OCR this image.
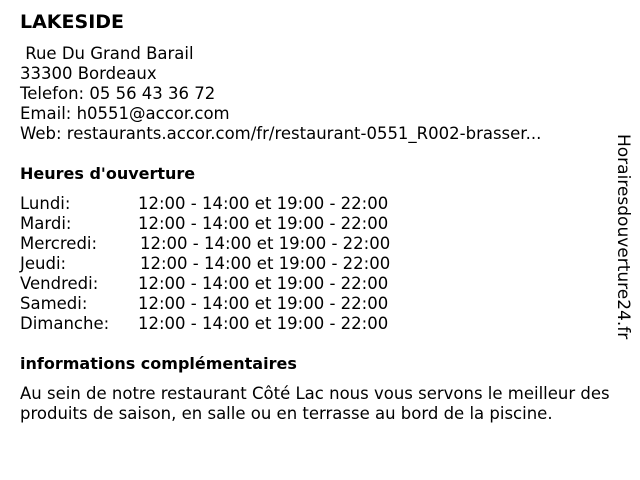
LAKESIDE
Rue Du Grand Barail
33300 Bordeaux
Telefon: 05 56 43 36 72
Email: h0551@accor.com
Web: restaurants.accor.com/fr/restaurant-0551_R002-brasser...
Heures d'ouverture
Lundi:	12:00 - 14:00 et 19:00 - 22:00
Mardi:	12:00 - 14:00 et 19:00 - 22:00
Mercredi:	12:00 - 14:00 et 19:00 - 22:00
Jeudi:	12:00 - 14:00 et 19:00 - 22:00
Vendredi: 12:00 - 14:00 et 19:00 - 22:00
Samedi:	12:00 - 14:00 et 19:00 - 22:00
Dimanche: 12:00 - 14:00 et 19:00 - 22:00
informations complémentaires

Au sein de notre restaurant Côté Lac nous vous servons le meilleur des produits de saison, en salle ou en terrasse au bord de la piscine.

Horairesdouverture24.fr
